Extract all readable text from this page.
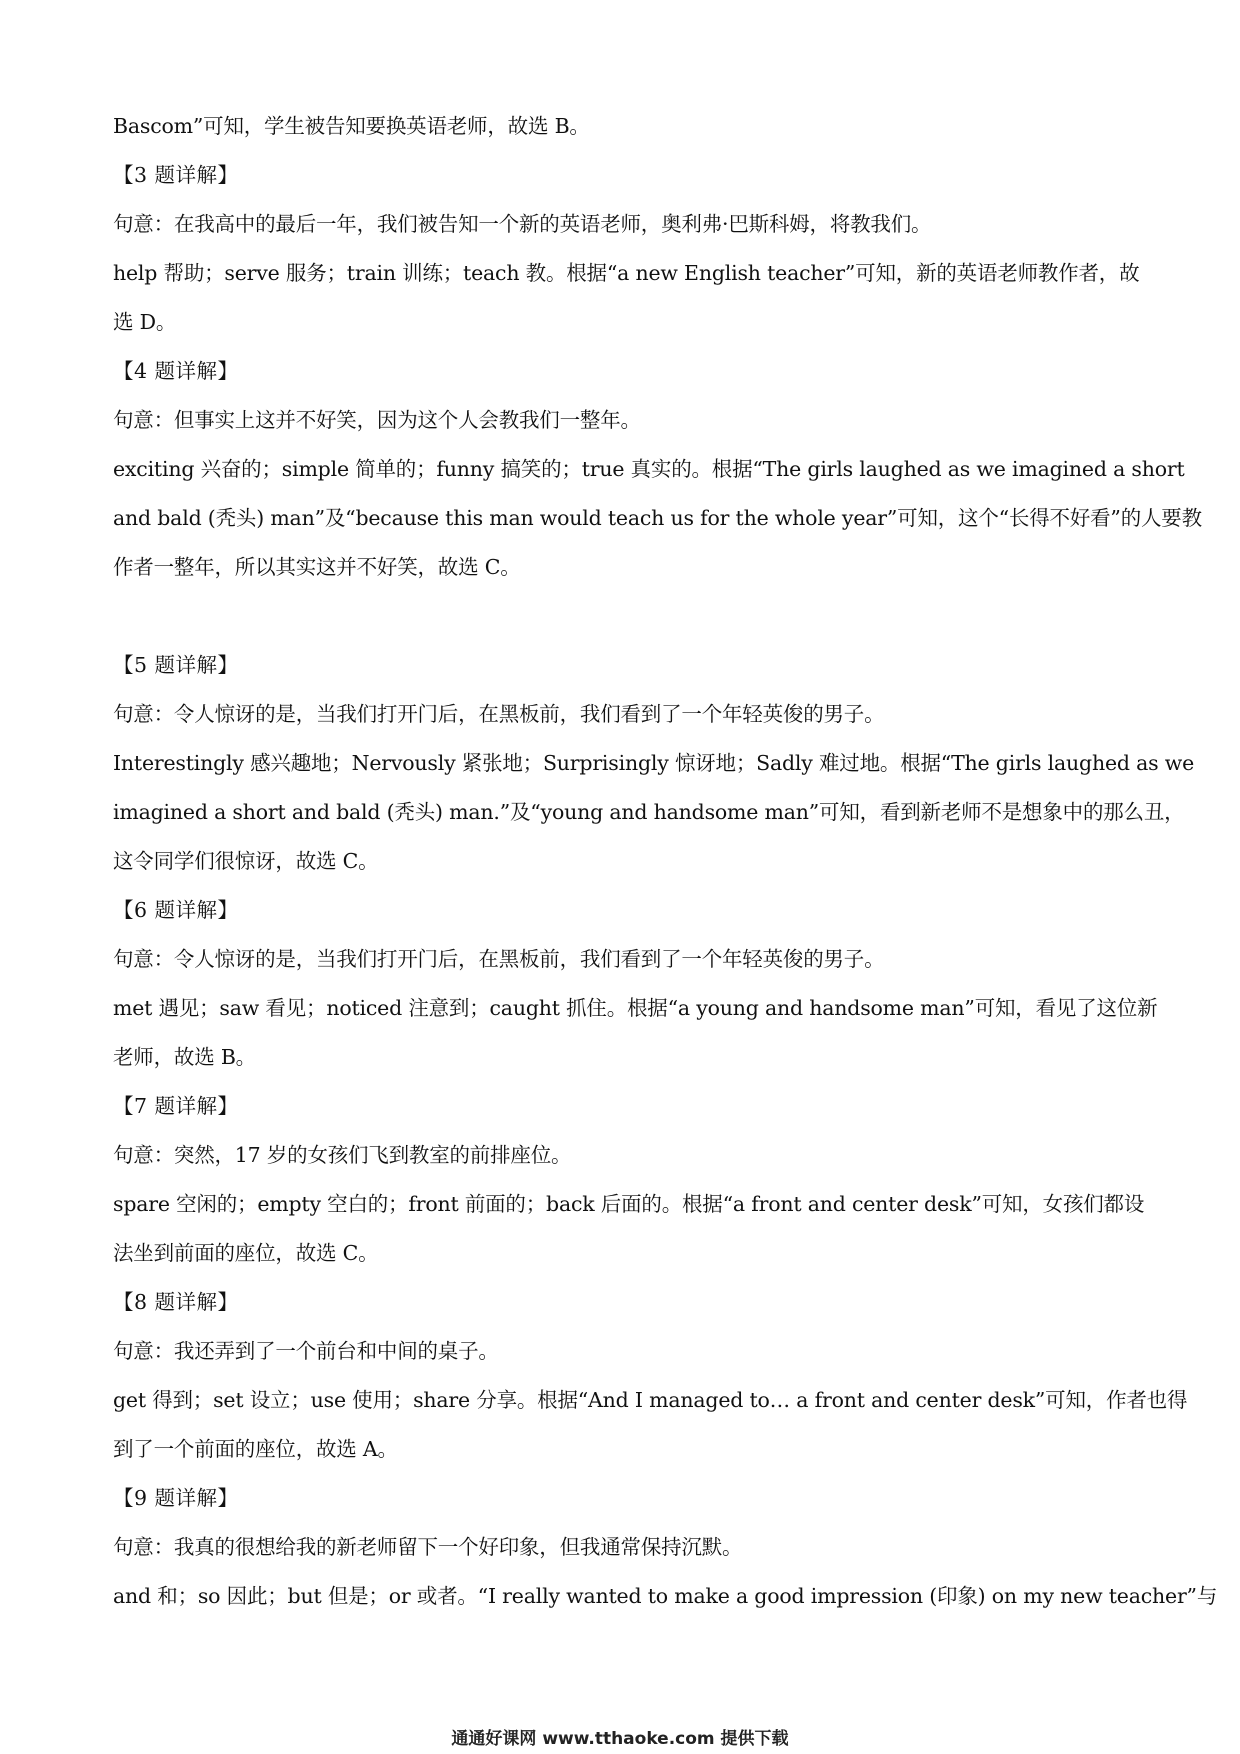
Bascom”可知，学生被告知要换英语老师，故选 B。
【3 题详解】
句意：在我高中的最后一年，我们被告知一个新的英语老师，奥利弗·巴斯科姆，将教我们。
help 帮助；serve 服务；train 训练；teach 教。根据“a new English teacher”可知，新的英语老师教作者，故
选 D。
【4 题详解】
句意：但事实上这并不好笑，因为这个人会教我们一整年。
exciting 兴奋的；simple 简单的；funny 搞笑的；true 真实的。根据“The girls laughed as we imagined a short
and bald (秃头) man”及“because this man would teach us for the whole year”可知，这个“长得不好看”的人要教
作者一整年，所以其实这并不好笑，故选 C。
【5 题详解】
句意：令人惊讶的是，当我们打开门后，在黑板前，我们看到了一个年轻英俊的男子。
Interestingly 感兴趣地；Nervously 紧张地；Surprisingly 惊讶地；Sadly 难过地。根据“The girls laughed as we
imagined a short and bald (秃头) man.”及“young and handsome man”可知，看到新老师不是想象中的那么丑，
这令同学们很惊讶，故选 C。
【6 题详解】
句意：令人惊讶的是，当我们打开门后，在黑板前，我们看到了一个年轻英俊的男子。
met 遇见；saw 看见；noticed 注意到；caught 抓住。根据“a young and handsome man”可知，看见了这位新
老师，故选 B。
【7 题详解】
句意：突然，17 岁的女孩们飞到教室的前排座位。
spare 空闲的；empty 空白的；front 前面的；back 后面的。根据“a front and center desk”可知，女孩们都设
法坐到前面的座位，故选 C。
【8 题详解】
句意：我还弄到了一个前台和中间的桌子。
get 得到；set 设立；use 使用；share 分享。根据“And I managed to… a front and center desk”可知，作者也得
到了一个前面的座位，故选 A。
【9 题详解】
句意：我真的很想给我的新老师留下一个好印象，但我通常保持沉默。
and 和；so 因此；but 但是；or 或者。“I really wanted to make a good impression (印象) on my new teacher”与
通通好课网 www.tthaoke.com 提供下载
